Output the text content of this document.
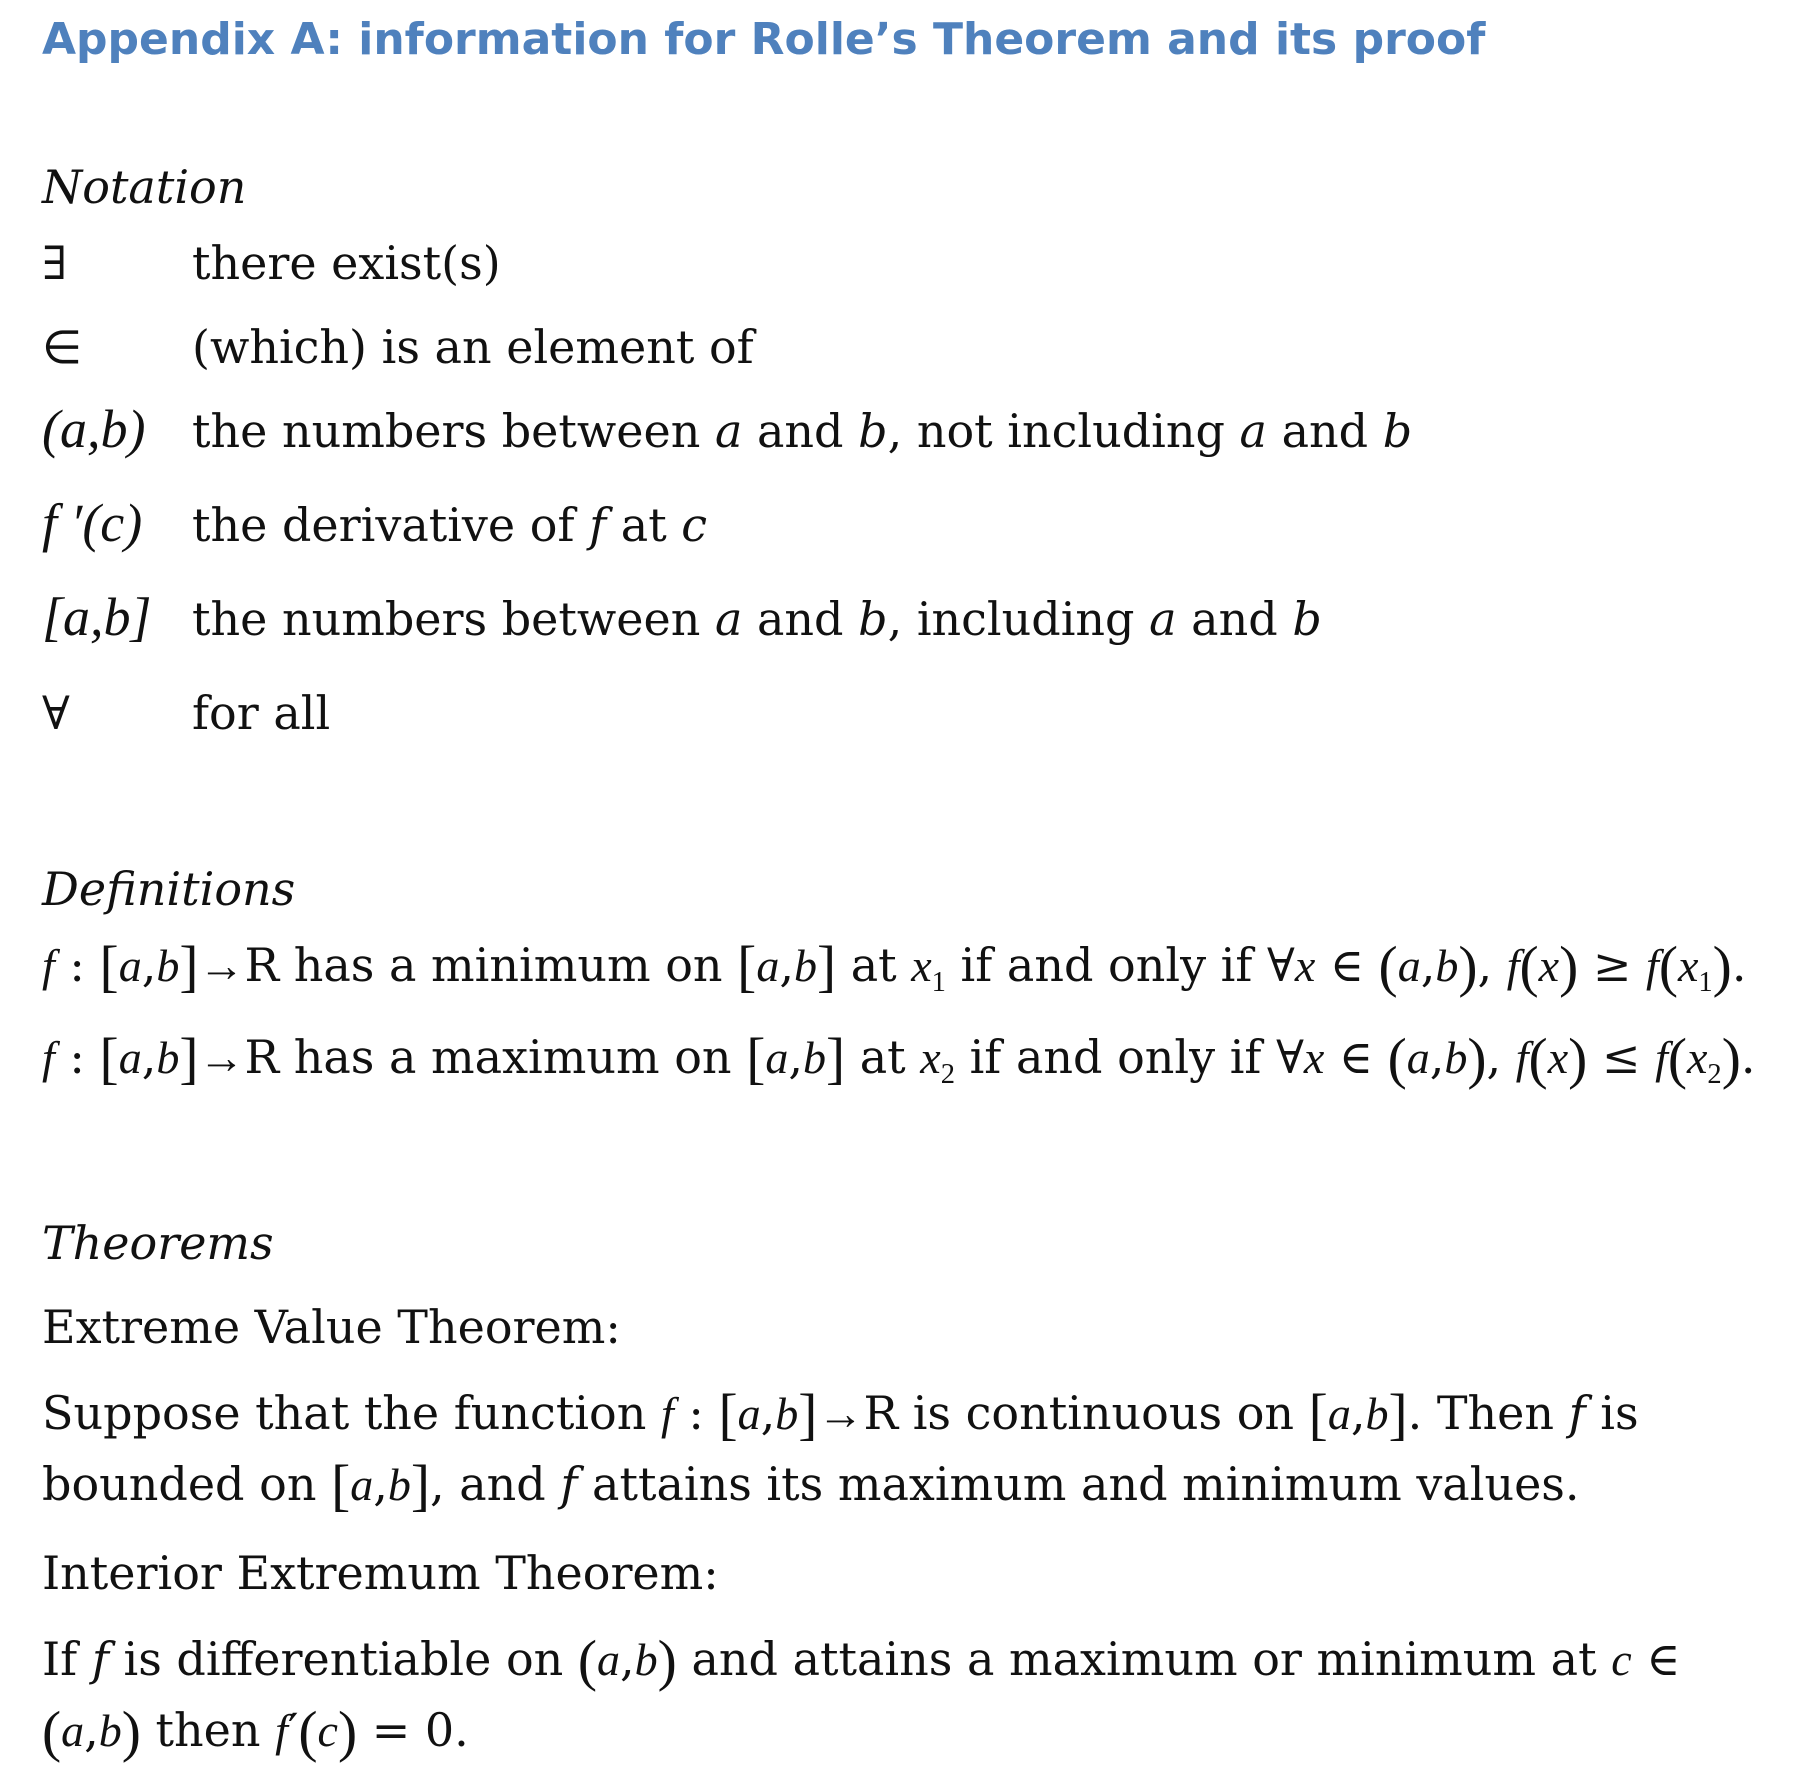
Appendix A: information for Rolle’s Theorem and its proof
Notation
∃	there exist(s)
∈ (which) is an element of
(a,b) the numbers between a and b, not including a and b
f ′(c) the derivative of f at c
[a,b] the numbers between a and b, including a and b
∀	for all
Definitions
f : [a,b]→R has a minimum on [a,b] at $x_1$ if and only if ∀x ∈ (a,b), $f(x) \ge f(x_1)$.
f : [a,b]→R has a maximum on [a,b] at $x_2$ if and only if ∀x ∈ (a,b), $f(x) \le f(x_2)$.
Theorems
Extreme Value Theorem:
Suppose that the function f : [a,b]→R is continuous on [a,b]. Then f is bounded on [a,b], and f attains its maximum and minimum values.
Interior Extremum Theorem:
If f is differentiable on (a,b) and attains a maximum or minimum at c ∈ (a,b) then f′(c) = 0.
